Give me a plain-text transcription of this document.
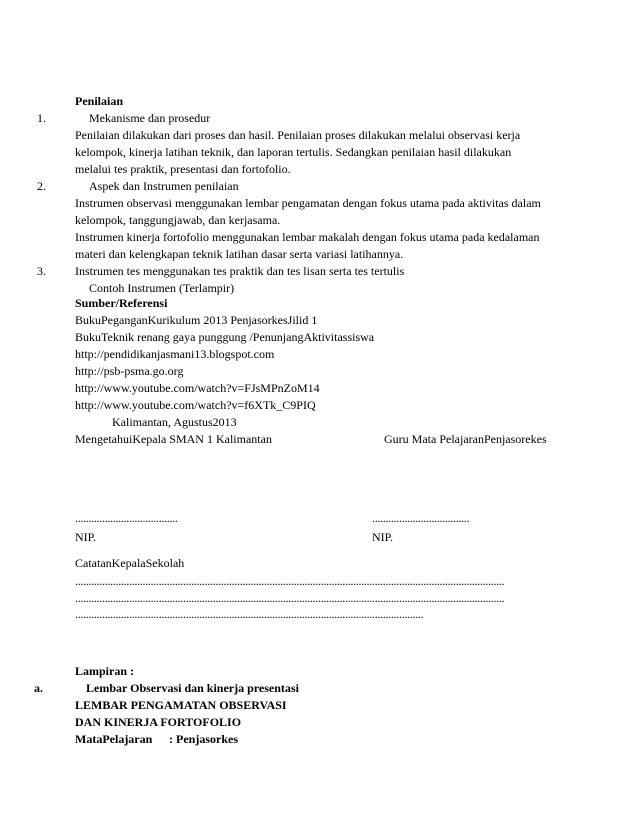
Penilaian
1.	Mekanisme dan prosedur
Penilaian dilakukan dari proses dan hasil. Penilaian proses dilakukan melalui observasi kerja
kelompok, kinerja latihan teknik, dan laporan tertulis. Sedangkan penilaian hasil dilakukan
melalui tes praktik, presentasi dan fortofolio.
2.	Aspek dan Instrumen penilaian
Instrumen observasi menggunakan lembar pengamatan dengan fokus utama pada aktivitas dalam
kelompok, tanggungjawab, dan kerjasama.
Instrumen kinerja fortofolio menggunakan lembar makalah dengan fokus utama pada kedalaman
materi dan kelengkapan teknik latihan dasar serta variasi latihannya.
Instrumen tes menggunakan tes praktik dan tes lisan serta tes tertulis
3.
Contoh Instrumen (Terlampir)
Sumber/Referensi
BukuPeganganKurikulum 2013 PenjasorkesJilid 1
BukuTeknik renang gaya punggung /PenunjangAktivitassiswa
http://pendidikanjasmani13.blogspot.com
http://psb-psma.go.org
http://www.youtube.com/watch?v=FJsMPnZoM14
http://www.youtube.com/watch?v=f6XTk_C9PIQ
Kalimantan, Agustus2013
MengetahuiKepala SMAN 1 Kalimantan	Guru Mata PelajaranPenjasorekes
......................................	....................................
NIP.	NIP.
CatatanKepalaSekolah
...............................................................................................................................................................
...............................................................................................................................................................
.................................................................................................................................
Lampiran :
a.	Lembar Observasi dan kinerja presentasi
LEMBAR PENGAMATAN OBSERVASI
DAN KINERJA FORTOFOLIO
MataPelajaran : Penjasorkes
